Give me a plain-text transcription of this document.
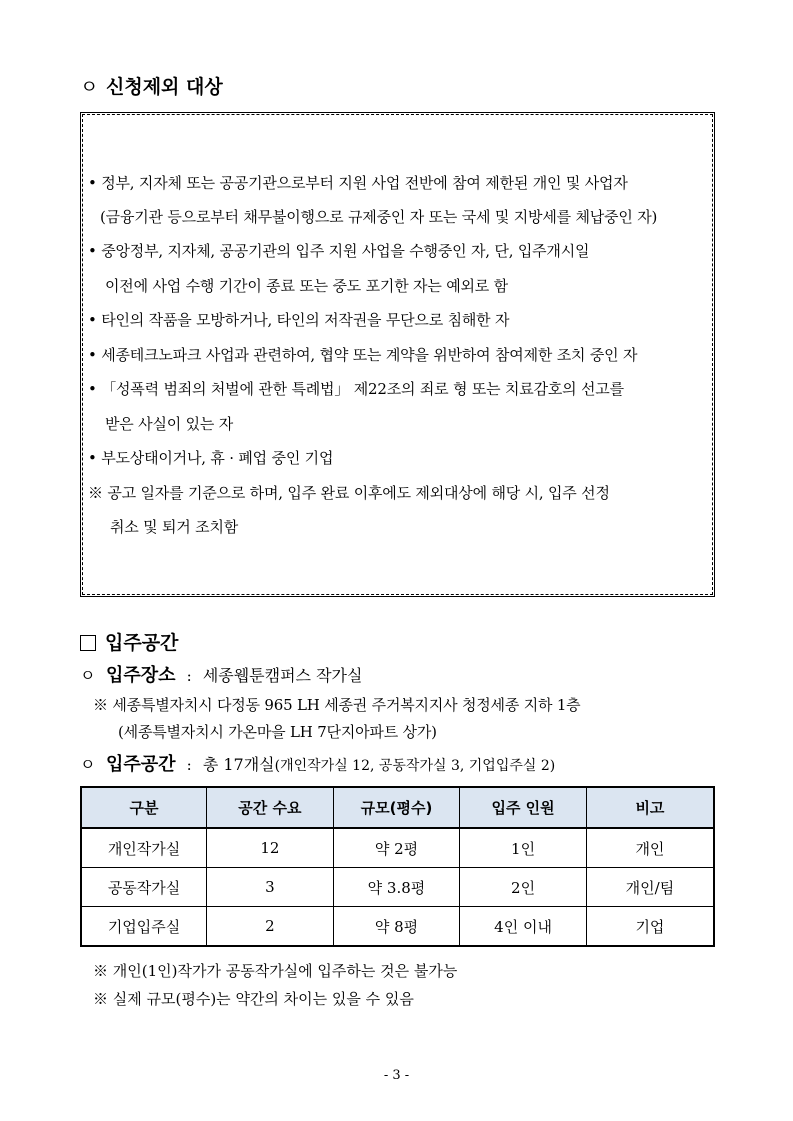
ㅇ 신청제외 대상
• 정부, 지자체 또는 공공기관으로부터 지원 사업 전반에 참여 제한된 개인 및 사업자
(금융기관 등으로부터 채무불이행으로 규제중인 자 또는 국세 및 지방세를 체납중인 자)
• 중앙정부, 지자체, 공공기관의 입주 지원 사업을 수행중인 자, 단, 입주개시일
이전에 사업 수행 기간이 종료 또는 중도 포기한 자는 예외로 함
• 타인의 작품을 모방하거나, 타인의 저작권을 무단으로 침해한 자
• 세종테크노파크 사업과 관련하여, 협약 또는 계약을 위반하여 참여제한 조치 중인 자
• 「성폭력 범죄의 처벌에 관한 특례법」 제22조의 죄로 형 또는 치료감호의 선고를
받은 사실이 있는 자
• 부도상태이거나, 휴 · 폐업 중인 기업
※ 공고 일자를 기준으로 하며, 입주 완료 이후에도 제외대상에 해당 시, 입주 선정
취소 및 퇴거 조치함
입주공간
ㅇ 입주장소 : 세종웹툰캠퍼스 작가실
※ 세종특별자치시 다정동 965 LH 세종권 주거복지지사 청정세종 지하 1층
(세종특별자치시 가온마을 LH 7단지아파트 상가)
ㅇ 입주공간 : 총 17개실(개인작가실 12, 공동작가실 3, 기업입주실 2)
구분	공간 수요	규모(평수)	입주 인원	비고
개인작가실	12	약 2평	1인	개인
공동작가실	3	약 3.8평	2인	개인/팀
기업입주실	2	약 8평	4인 이내	기업
※ 개인(1인)작가가 공동작가실에 입주하는 것은 불가능
※ 실제 규모(평수)는 약간의 차이는 있을 수 있음
- 3 -
